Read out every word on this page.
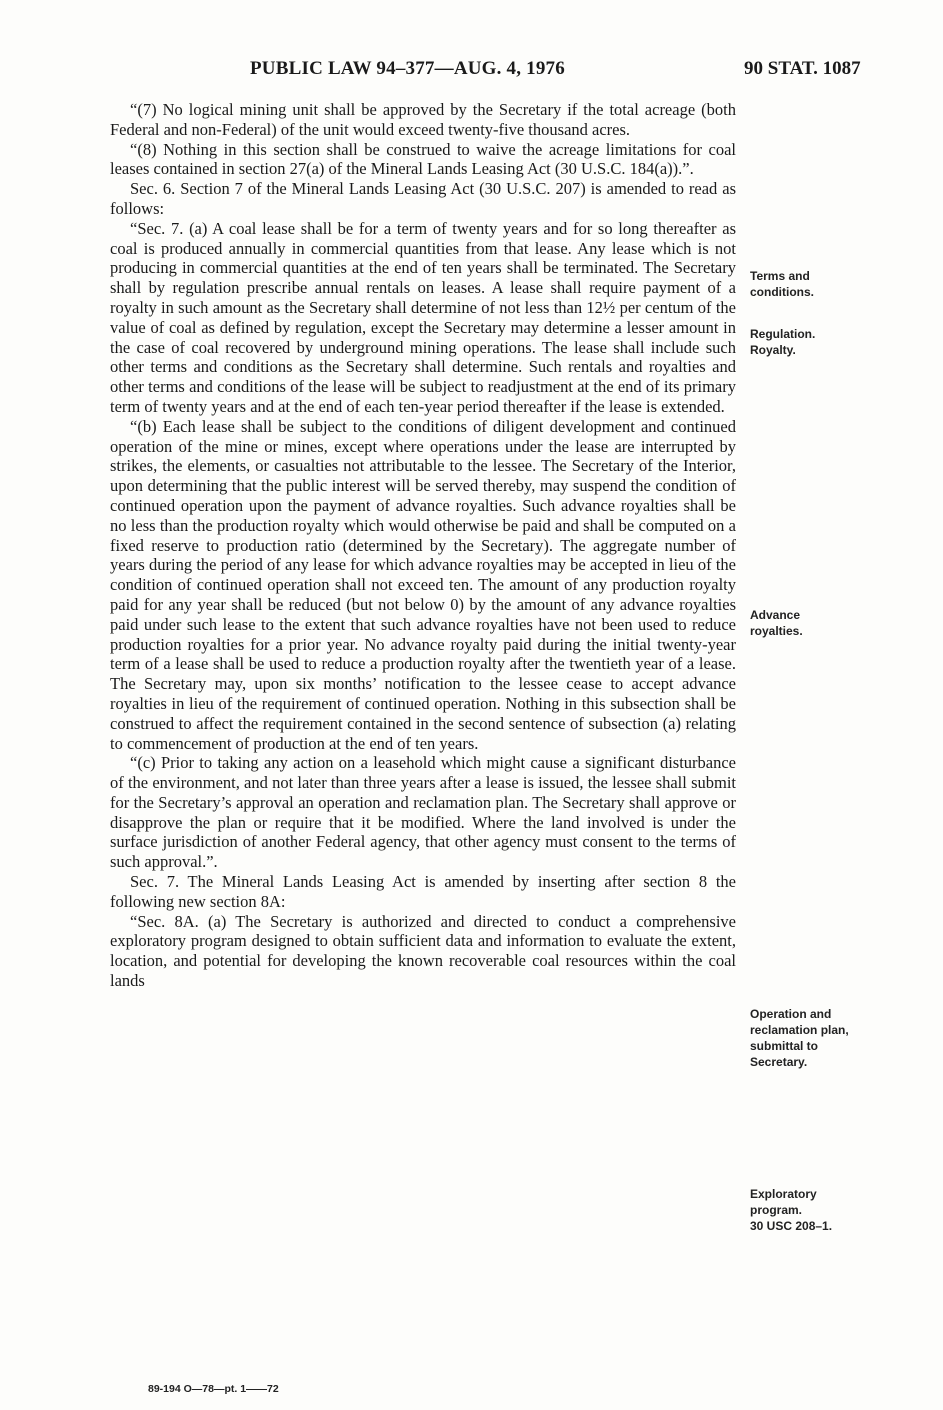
PUBLIC LAW 94–377—AUG. 4, 1976	90 STAT. 1087

“(7) No logical mining unit shall be approved by the Secretary if the total acreage (both Federal and non-Federal) of the unit would exceed twenty-five thousand acres.

“(8) Nothing in this section shall be construed to waive the acreage limitations for coal leases contained in section 27(a) of the Mineral Lands Leasing Act (30 U.S.C. 184(a)).”.

Sec. 6. Section 7 of the Mineral Lands Leasing Act (30 U.S.C. 207) is amended to read as follows:

“Sec. 7. (a) A coal lease shall be for a term of twenty years and for so long thereafter as coal is produced annually in commercial quantities from that lease. Any lease which is not producing in commercial quantities at the end of ten years shall be terminated. The Secretary shall by regulation prescribe annual rentals on leases. A lease shall require payment of a royalty in such amount as the Secretary shall determine of not less than 12½ per centum of the value of coal as defined by regulation, except the Secretary may determine a lesser amount in the case of coal recovered by underground mining operations. The lease shall include such other terms and conditions as the Secretary shall determine. Such rentals and royalties and other terms and conditions of the lease will be subject to readjustment at the end of its primary term of twenty years and at the end of each ten-year period thereafter if the lease is extended.

“(b) Each lease shall be subject to the conditions of diligent development and continued operation of the mine or mines, except where operations under the lease are interrupted by strikes, the elements, or casualties not attributable to the lessee. The Secretary of the Interior, upon determining that the public interest will be served thereby, may suspend the condition of continued operation upon the payment of advance royalties. Such advance royalties shall be no less than the production royalty which would otherwise be paid and shall be computed on a fixed reserve to production ratio (determined by the Secretary). The aggregate number of years during the period of any lease for which advance royalties may be accepted in lieu of the condition of continued operation shall not exceed ten. The amount of any production royalty paid for any year shall be reduced (but not below 0) by the amount of any advance royalties paid under such lease to the extent that such advance royalties have not been used to reduce production royalties for a prior year. No advance royalty paid during the initial twenty-year term of a lease shall be used to reduce a production royalty after the twentieth year of a lease. The Secretary may, upon six months’ notification to the lessee cease to accept advance royalties in lieu of the requirement of continued operation. Nothing in this subsection shall be construed to affect the requirement contained in the second sentence of subsection (a) relating to commencement of production at the end of ten years.

“(c) Prior to taking any action on a leasehold which might cause a significant disturbance of the environment, and not later than three years after a lease is issued, the lessee shall submit for the Secretary’s approval an operation and reclamation plan. The Secretary shall approve or disapprove the plan or require that it be modified. Where the land involved is under the surface jurisdiction of another Federal agency, that other agency must consent to the terms of such approval.”.

Sec. 7. The Mineral Lands Leasing Act is amended by inserting after section 8 the following new section 8A:

“Sec. 8A. (a) The Secretary is authorized and directed to conduct a comprehensive exploratory program designed to obtain sufficient data and information to evaluate the extent, location, and potential for developing the known recoverable coal resources within the coal lands

Terms and
conditions.
Regulation.
Royalty.
Advance
royalties.
Operation and
reclamation plan,
submittal to
Secretary.
Exploratory
program.
30 USC 208–1.
89-194 O—78—pt. 1——72
